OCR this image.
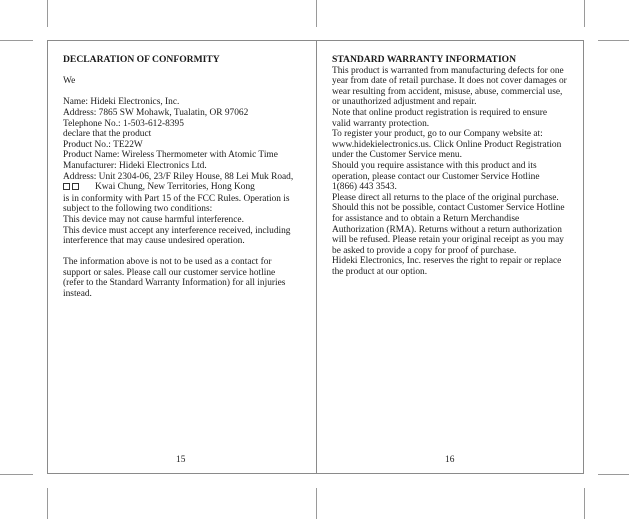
DECLARATION OF CONFORMITY
We
Name: Hideki Electronics, Inc.
Address: 7865 SW Mohawk, Tualatin, OR 97062
Telephone No.: 1-503-612-8395
declare that the product
Product No.: TE22W
Product Name: Wireless Thermometer with Atomic Time
Manufacturer: Hideki Electronics Ltd.
Address: Unit 2304-06, 23/F Riley House, 88 Lei Muk Road,
Kwai Chung, New Territories, Hong Kong
is in conformity with Part 15 of the FCC Rules. Operation is
subject to the following two conditions:
This device may not cause harmful interference.
This device must accept any interference received, including
interference that may cause undesired operation.
The information above is not to be used as a contact for
support or sales. Please call our customer service hotline
(refer to the Standard Warranty Information) for all injuries
instead.
15
STANDARD WARRANTY INFORMATION
This product is warranted from manufacturing defects for one
year from date of retail purchase. It does not cover damages or
wear resulting from accident, misuse, abuse, commercial use,
or unauthorized adjustment and repair.
Note that online product registration is required to ensure
valid warranty protection.
To register your product, go to our Company website at:
www.hidekielectronics.us. Click Online Product Registration
under the Customer Service menu.
Should you require assistance with this product and its
operation, please contact our Customer Service Hotline
1(866) 443 3543.
Please direct all returns to the place of the original purchase.
Should this not be possible, contact Customer Service Hotline
for assistance and to obtain a Return Merchandise
Authorization (RMA). Returns without a return authorization
will be refused. Please retain your original receipt as you may
be asked to provide a copy for proof of purchase.
Hideki Electronics, Inc. reserves the right to repair or replace
the product at our option.
16
